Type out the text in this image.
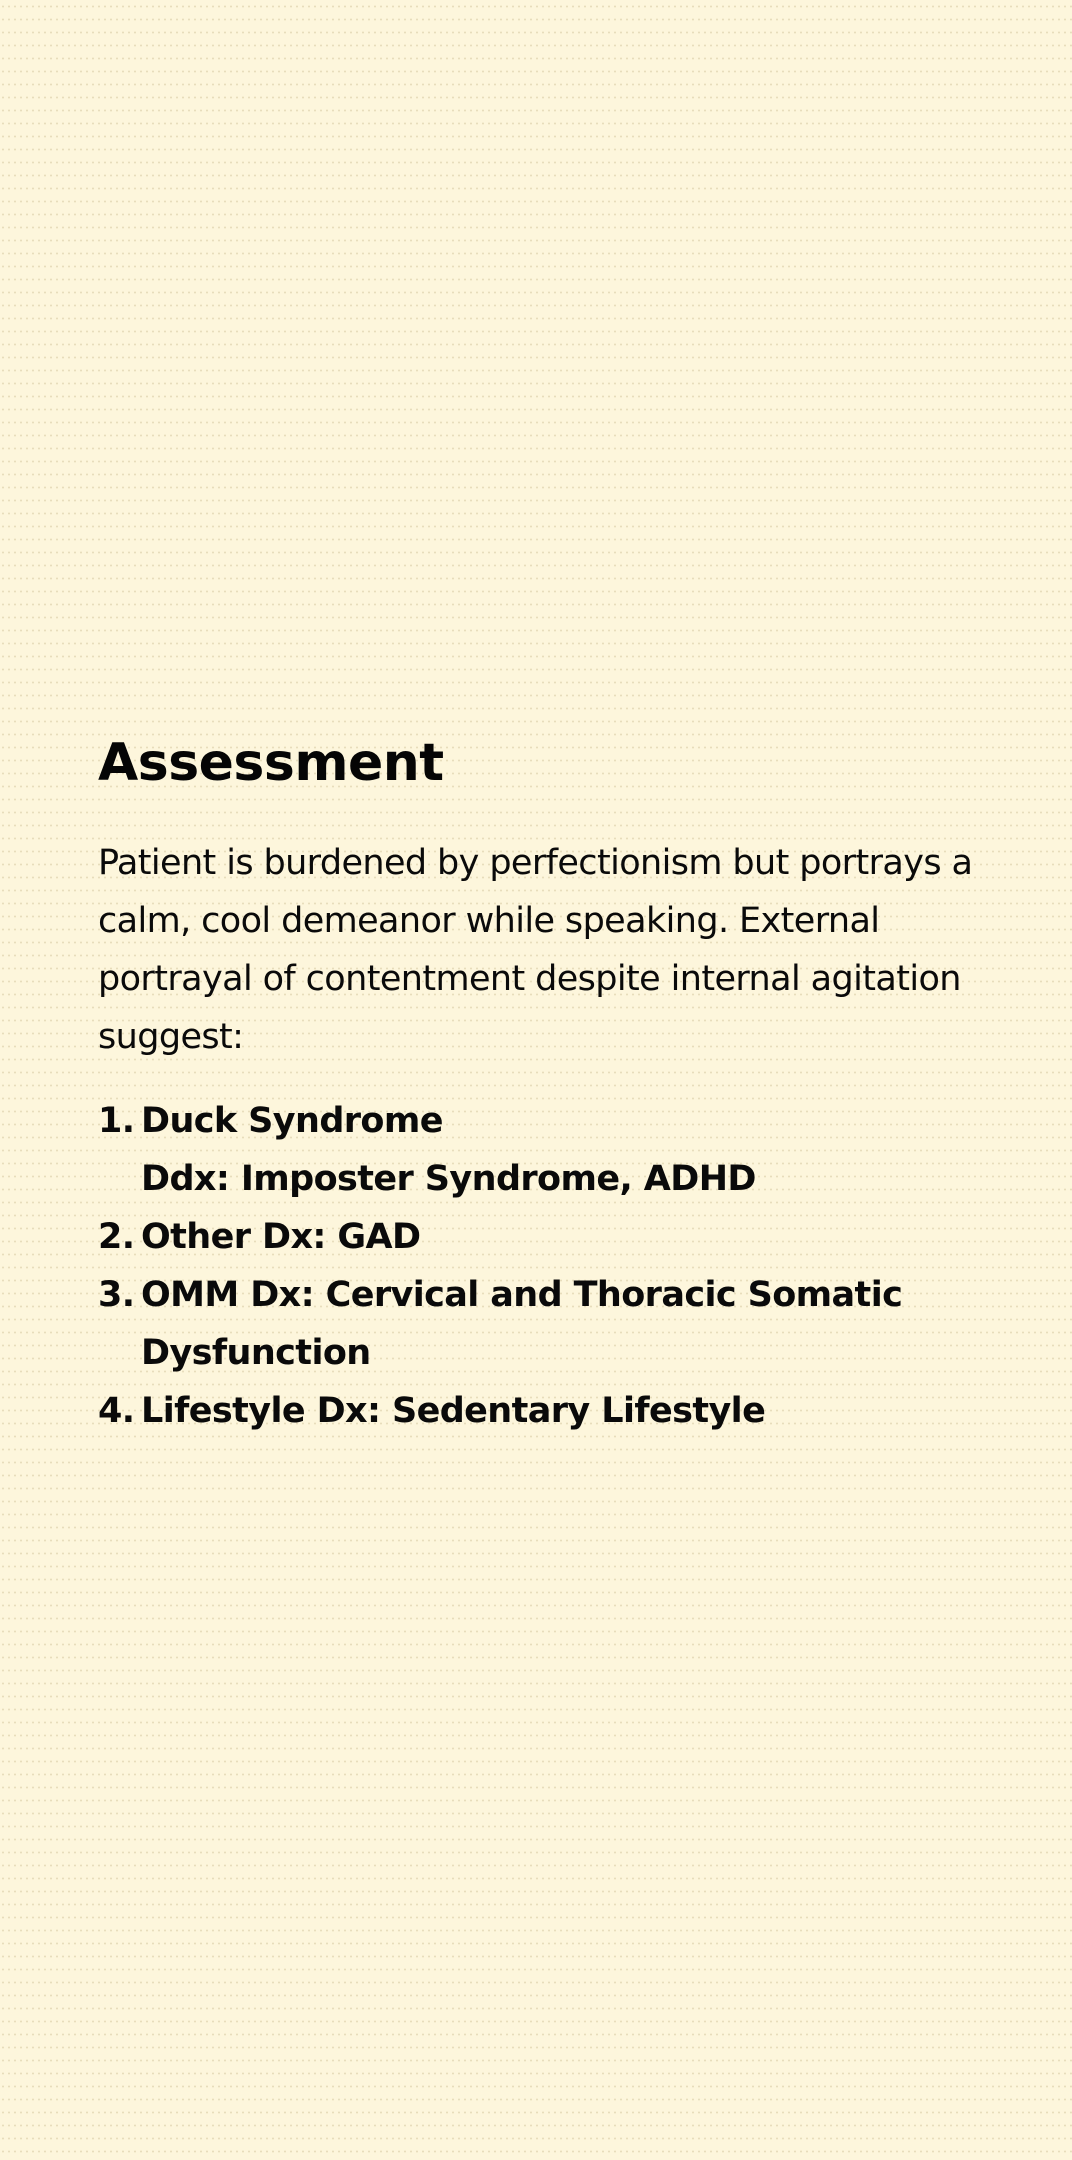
Assessment

Patient is burdened by perfectionism but portrays a calm, cool demeanor while speaking. External portrayal of contentment despite internal agitation suggest:

1. Duck Syndrome
Ddx: Imposter Syndrome, ADHD
2. Other Dx: GAD
3. OMM Dx: Cervical and Thoracic Somatic Dysfunction
4. Lifestyle Dx: Sedentary Lifestyle
